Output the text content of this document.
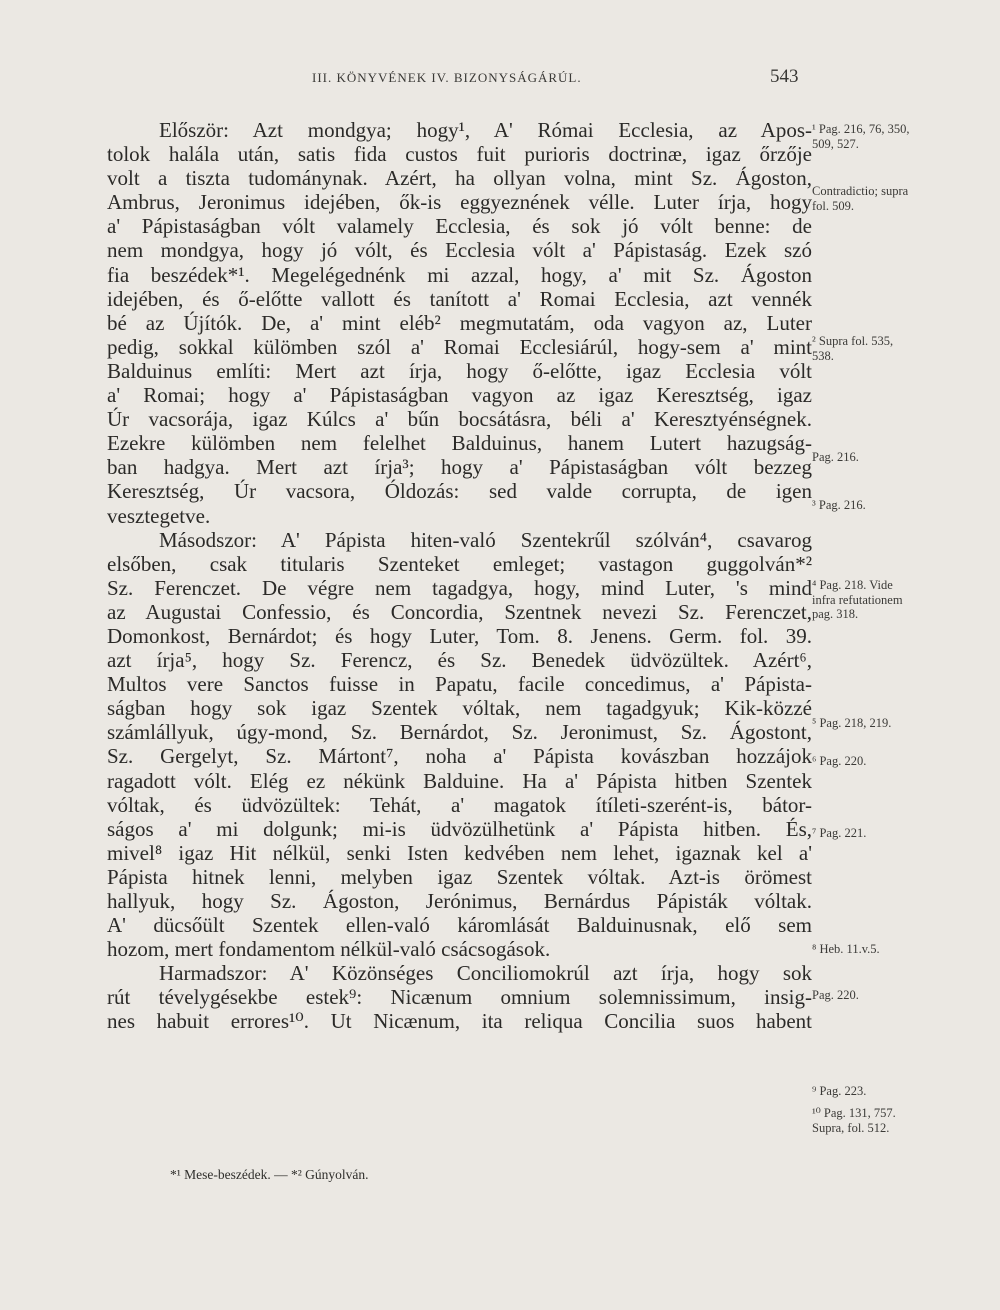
III. KÖNYVÉNEK IV. BIZONYSÁGÁRÚL.	543
Először: Azt mondgya; hogy¹, A' Római Ecclesia, az Apos-
tolok halála után, satis fida custos fuit purioris doctrinæ, igaz őrzője
volt a tiszta tudománynak. Azért, ha ollyan volna, mint Sz. Ágoston,
Ambrus, Jeronimus idejében, ők-is eggyeznének vélle. Luter írja, hogy
a' Pápistaságban vólt valamely Ecclesia, és sok jó vólt benne: de
nem mondgya, hogy jó vólt, és Ecclesia vólt a' Pápistaság. Ezek szó
fia beszédek*¹. Megelégednénk mi azzal, hogy, a' mit Sz. Ágoston
idejében, és ő-előtte vallott és tanított a' Romai Ecclesia, azt vennék
bé az Újítók. De, a' mint eléb² megmutatám, oda vagyon az, Luter
pedig, sokkal külömben szól a' Romai Ecclesiárúl, hogy-sem a' mint
Balduinus említi: Mert azt írja, hogy ő-előtte, igaz Ecclesia vólt
a' Romai; hogy a' Pápistaságban vagyon az igaz Keresztség, igaz
Úr vacsorája, igaz Kúlcs a' bűn bocsátásra, béli a' Keresztyénségnek.
Ezekre külömben nem felelhet Balduinus, hanem Lutert hazugság-
ban hadgya. Mert azt írja³; hogy a' Pápistaságban vólt bezzeg
Keresztség, Úr vacsora, Óldozás: sed valde corrupta, de igen
vesztegetve.
Másodszor: A' Pápista hiten-való Szentekrűl szólván⁴, csavarog
elsőben, csak titularis Szenteket emleget; vastagon guggolván*²
Sz. Ferenczet. De végre nem tagadgya, hogy, mind Luter, 's mind
az Augustai Confessio, és Concordia, Szentnek nevezi Sz. Ferenczet,
Domonkost, Bernárdot; és hogy Luter, Tom. 8. Jenens. Germ. fol. 39.
azt írja⁵, hogy Sz. Ferencz, és Sz. Benedek üdvözültek. Azért⁶,
Multos vere Sanctos fuisse in Papatu, facile concedimus, a' Pápista-
ságban hogy sok igaz Szentek vóltak, nem tagadgyuk; Kik-közzé
számlállyuk, úgy-mond, Sz. Bernárdot, Sz. Jeronimust, Sz. Ágostont,
Sz. Gergelyt, Sz. Mártont⁷, noha a' Pápista kovászban hozzájok
ragadott vólt. Elég ez nékünk Balduine. Ha a' Pápista hitben Szentek
vóltak, és üdvözültek: Tehát, a' magatok ítíleti-szerént-is, bátor-
ságos a' mi dolgunk; mi-is üdvözülhetünk a' Pápista hitben. És,
mivel⁸ igaz Hit nélkül, senki Isten kedvében nem lehet, igaznak kel a'
Pápista hitnek lenni, melyben igaz Szentek vóltak. Azt-is örömest
hallyuk, hogy Sz. Ágoston, Jerónimus, Bernárdus Pápisták vóltak.
A' dücsőült Szentek ellen-való káromlását Balduinusnak, elő sem
hozom, mert fondamentom nélkül-való csácsogások.
Harmadszor: A' Közönséges Conciliomokrúl azt írja, hogy sok
rút tévelygésekbe estek⁹: Nicænum omnium solemnissimum, insig-
nes habuit errores¹⁰. Ut Nicænum, ita reliqua Concilia suos habent
*¹ Mese-beszédek. — *² Gúnyolván.
¹ Pag. 216, 76, 350, 509, 527.
Contradictio; supra fol. 509.
² Supra fol. 535, 538.
Pag. 216.
³ Pag. 216.
⁴ Pag. 218. Vide infra refutationem pag. 318.
⁵ Pag. 218, 219.
⁶ Pag. 220.
⁷ Pag. 221.
⁸ Heb. 11.v.5.
Pag. 220.
⁹ Pag. 223.
¹⁰ Pag. 131, 757. Supra, fol. 512.
